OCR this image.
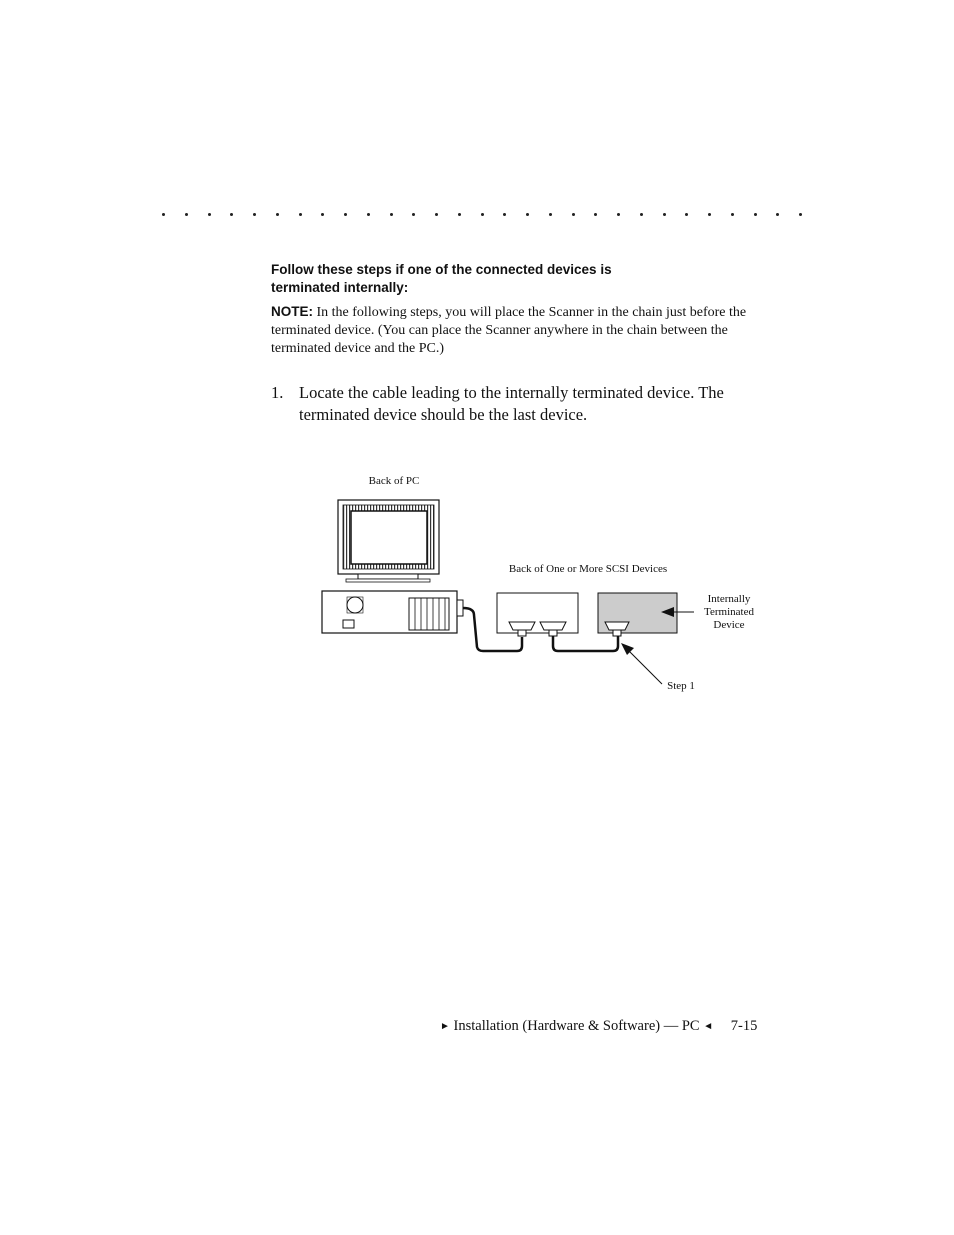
Follow these steps if one of the connected devices is
terminated internally:

NOTE: In the following steps, you will place the Scanner in the chain just before the terminated device. (You can place the Scanner anywhere in the chain between the terminated device and the PC.)

1. Locate the cable leading to the internally terminated device. The terminated device should be the last device.
Back of PC
Back of One or More SCSI Devices
Internally
Terminated
Device
Step 1
► Installation (Hardware & Software) — PC ◄ 7-15
